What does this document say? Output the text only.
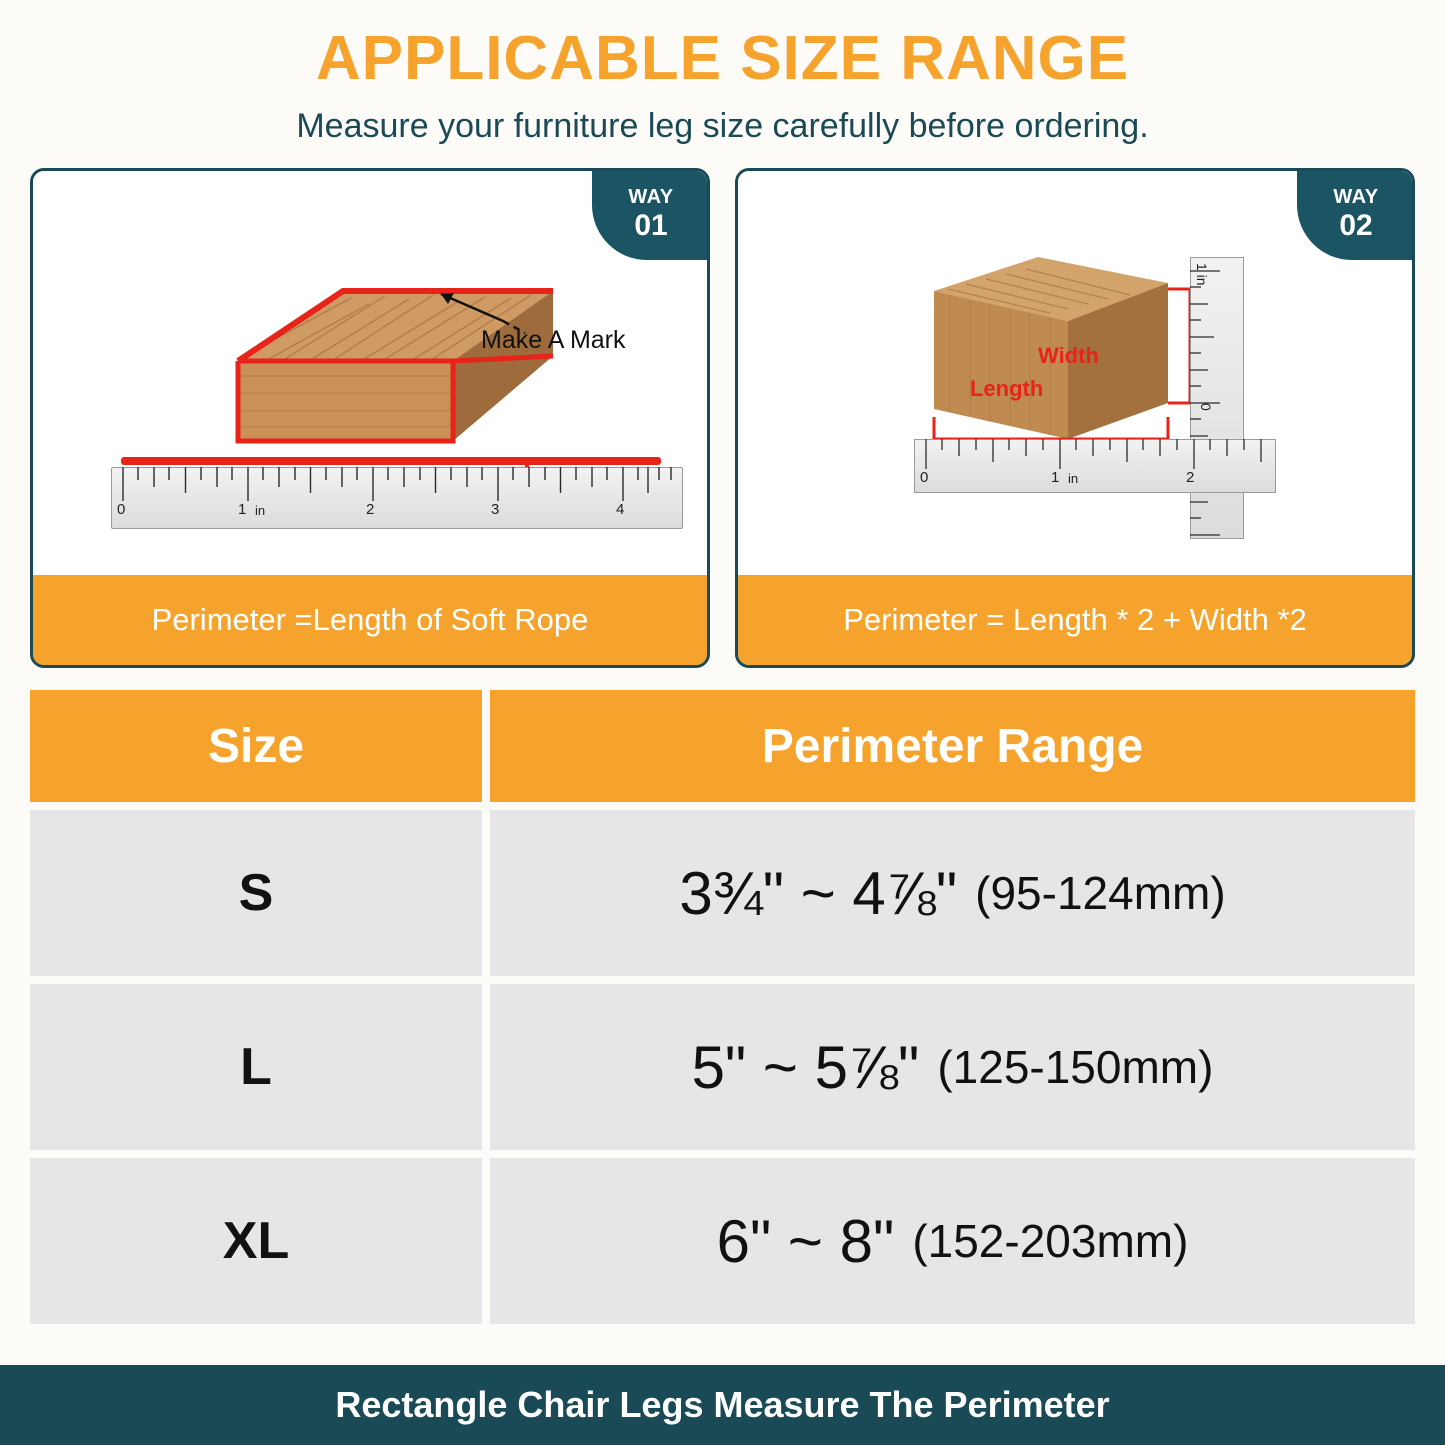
APPLICABLE SIZE RANGE
Measure your furniture leg size carefully before ordering.
WAY
01
Make A Mark
0	1 in	2	3	4
Perimeter =Length of Soft Rope
WAY
02
1 in
0
0	1 in	2
Width
Length
Perimeter = Length * 2 + Width *2
Size	Perimeter Range
S	3¾" ~ 4⅞" (95-124mm)
L	5" ~ 5⅞" (125-150mm)
XL	6" ~ 8" (152-203mm)
Rectangle Chair Legs Measure The Perimeter
